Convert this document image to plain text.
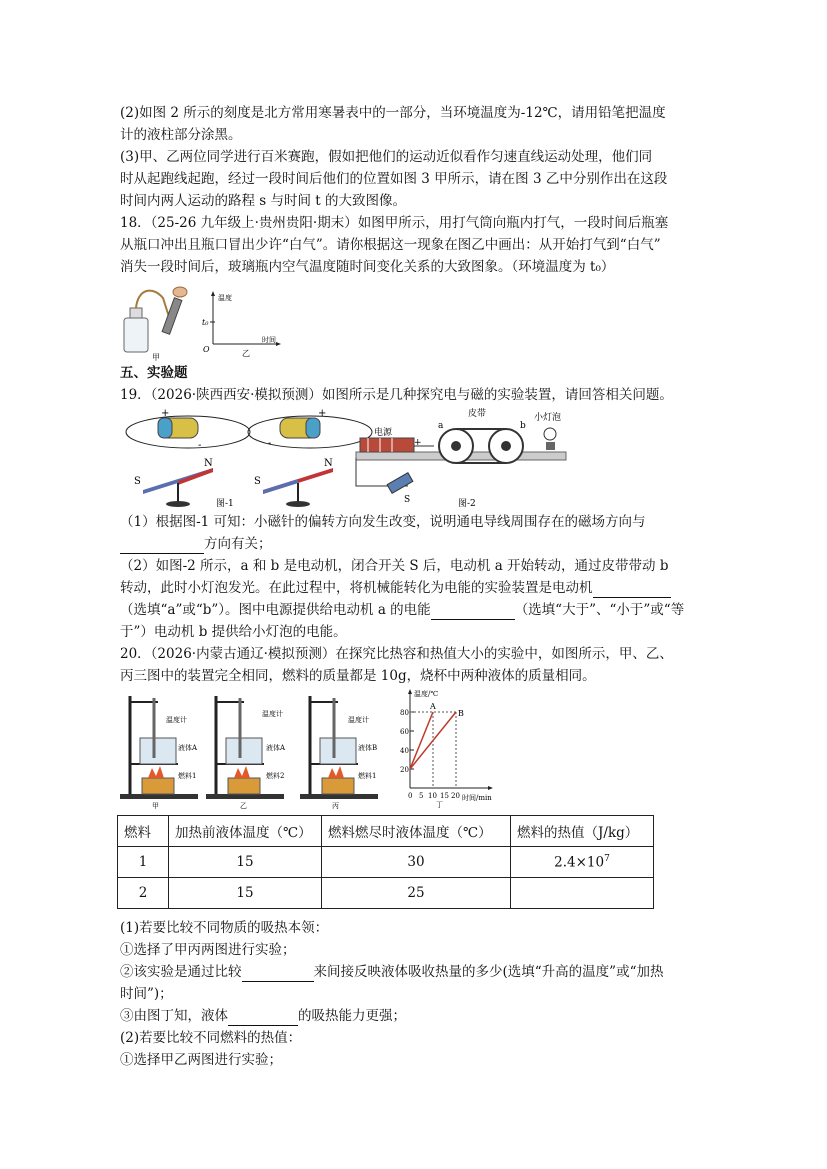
(2)如图 2 所示的刻度是北方常用寒暑表中的一部分，当环境温度为-12℃，请用铅笔把温度
计的液柱部分涂黑。
(3)甲、乙两位同学进行百米赛跑，假如把他们的运动近似看作匀速直线运动处理，他们同
时从起跑线起跑，经过一段时间后他们的位置如图 3 甲所示，请在图 3 乙中分别作出在这段
时间内两人运动的路程 s 与时间 t 的大致图像。
18．（25-26 九年级上·贵州贵阳·期末）如图甲所示，用打气筒向瓶内打气，一段时间后瓶塞
从瓶口冲出且瓶口冒出少许“白气”。请你根据这一现象在图乙中画出：从开始打气到“白气”
消失一段时间后，玻璃瓶内空气温度随时间变化关系的大致图象。（环境温度为 t₀）
甲
温度
时间
t₀
O	乙
五、实验题
19．（2026·陕西西安·模拟预测）如图所示是几种探究电与磁的实验装置，请回答相关问题。
+
-
S
N
-
+
S
N
图-1
电源
+
皮带
a	b
小灯泡
S	图-2
（1）根据图-1 可知：小磁针的偏转方向发生改变，说明通电导线周围存在的磁场方向与
方向有关；
（2）如图-2 所示，a 和 b 是电动机，闭合开关 S 后，电动机 a 开始转动，通过皮带带动 b
转动，此时小灯泡发光。在此过程中，将机械能转化为电能的实验装置是电动机
（选填“a”或“b”）。图中电源提供给电动机 a 的电能	（选填“大于”、“小于”或“等
于”）电动机 b 提供给小灯泡的电能。
20．（2026·内蒙古通辽·模拟预测）在探究比热容和热值大小的实验中，如图所示，甲、乙、
丙三图中的装置完全相同，燃料的质量都是 10g，烧杯中两种液体的质量相同。
温度计
液体A
燃料1
甲
温度计
液体A
燃料2
乙
温度计
液体B
燃料1
丙
温度/℃
时间/min
80
60
40
20
0 5 10 15 20
A
B
丁
燃料	加热前液体温度（℃）	燃料燃尽时液体温度（℃）	燃料的热值（J/kg）
1	15	30	$2.4\times 10^7$
2	15	25	
(1)若要比较不同物质的吸热本领：
①选择了甲丙两图进行实验；
②该实验是通过比较	来间接反映液体吸收热量的多少(选填“升高的温度”或“加热
时间”)；
③由图丁知，液体	的吸热能力更强；
(2)若要比较不同燃料的热值：
①选择甲乙两图进行实验；
